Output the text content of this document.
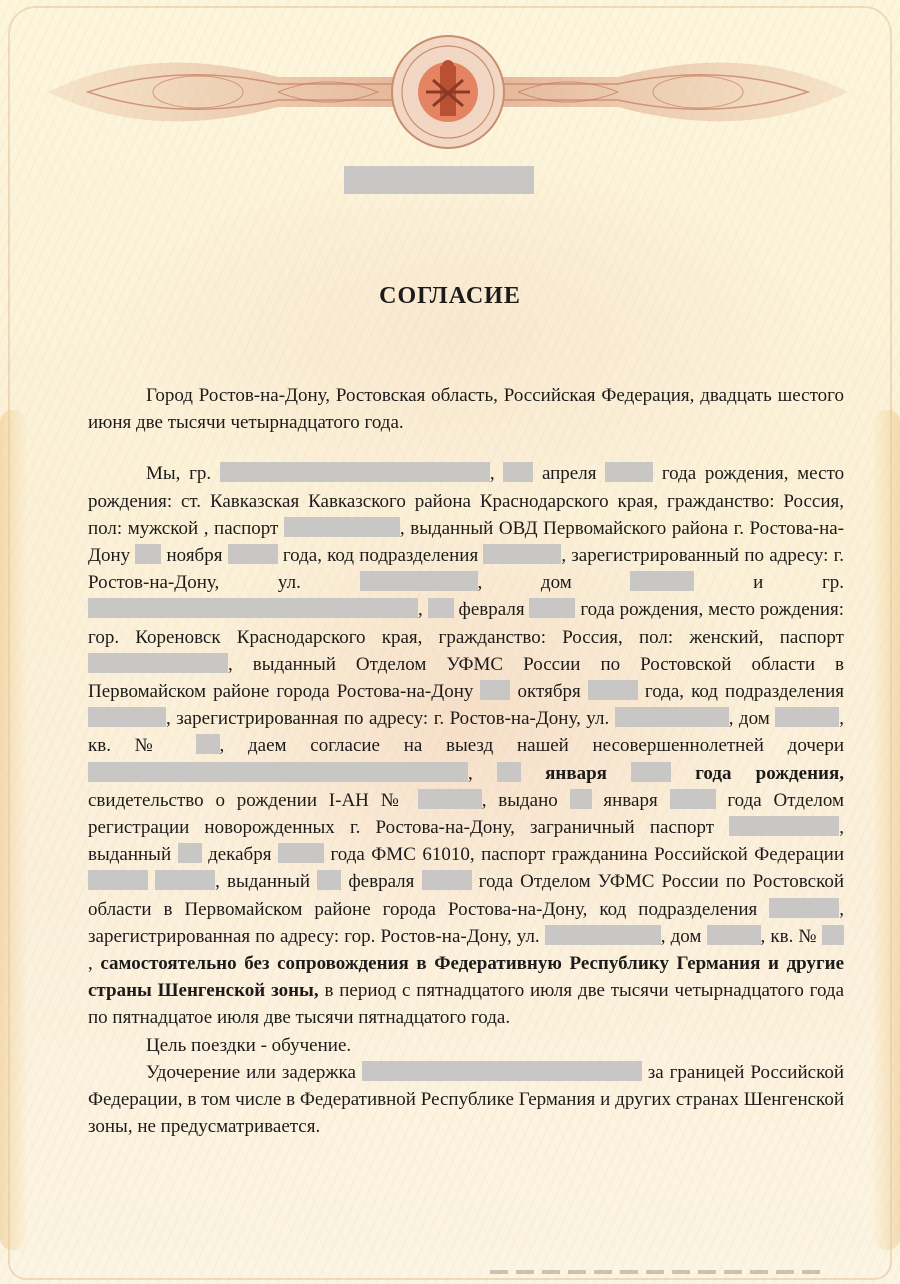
СОГЛАСИЕ

Город Ростов-на-Дону, Ростовская область, Российская Федерация, двадцать шестого июня две тысячи четырнадцатого года.

Мы, гр.	, апреля	года рождения, место рождения: ст. Кавказская Кавказского района Краснодарского края, гражданство: Россия, пол: мужской , паспорт	, выданный ОВД Первомайского района г. Ростова-на-Дону ноября	года, код подразделения	, зарегистрированный по адресу: г. Ростов-на-Дону, ул.	, дом	и гр. , февраля	года рождения, место рождения: гор. Кореновск Краснодарского края, гражданство: Россия, пол: женский, паспорт , выданный Отделом УФМС России по Ростовской области в Первомайском районе города Ростова-на-Дону октября	года, код подразделения , зарегистрированная по адресу: г. Ростов-на-Дону, ул.	, дом	, кв. №	, даем согласие на выезд нашей несовершеннолетней дочери ,	января	года рождения, свидетельство о рождении I-АН №	, выдано января	года Отделом регистрации новорожденных г. Ростова-на-Дону, заграничный паспорт	, выданный декабря	года ФМС 61010, паспорт гражданина Российской Федерации  , выданный февраля	года Отделом УФМС России по Ростовской области в Первомайском районе города Ростова-на-Дону, код подразделения	, зарегистрированная по адресу: гор. Ростов-на-Дону, ул.	, дом	, кв. № , самостоятельно без сопровождения в Федеративную Республику Германия и другие страны Шенгенской зоны, в период с пятнадцатого июля две тысячи четырнадцатого года по пятнадцатое июля две тысячи пятнадцатого года.

Цель поездки - обучение.

Удочерение или задержка	за границей Российской Федерации, в том числе в Федеративной Республике Германия и других странах Шенгенской зоны, не предусматривается.
